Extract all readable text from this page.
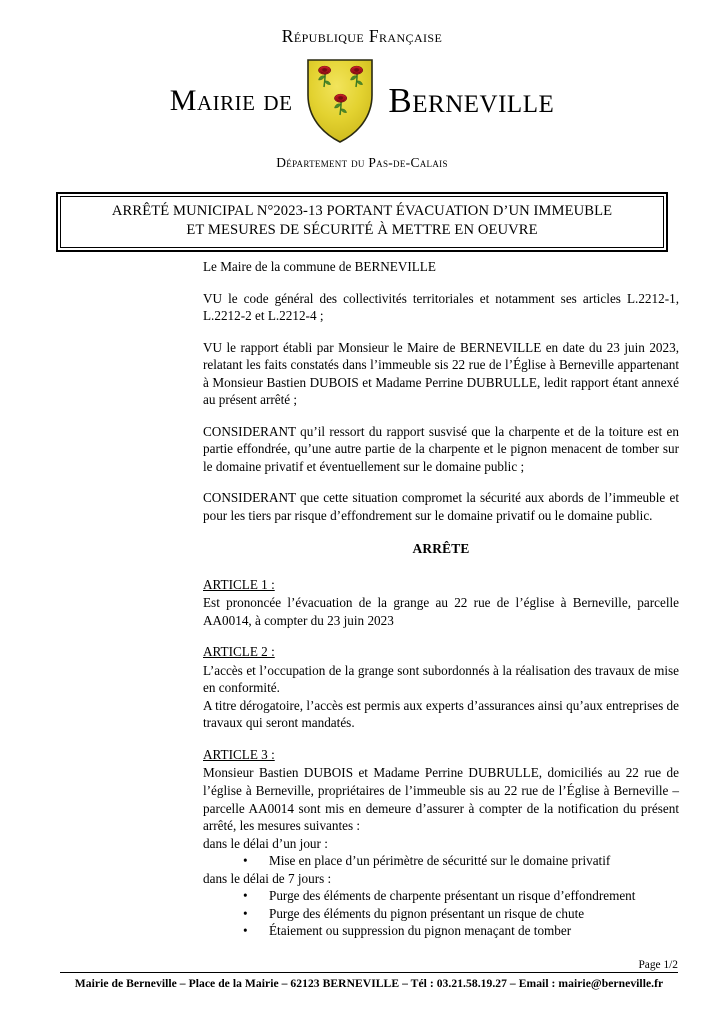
République Française
Mairie de	Berneville
Département du Pas-de-Calais
ARRÊTÉ MUNICIPAL N°2023-13 PORTANT ÉVACUATION D’UN IMMEUBLE
ET MESURES DE SÉCURITÉ À METTRE EN OEUVRE

Le Maire de la commune de BERNEVILLE

VU le code général des collectivités territoriales et notamment ses articles L.2212-1, L.2212-2 et L.2212-4 ;

VU le rapport établi par Monsieur le Maire de BERNEVILLE en date du 23 juin 2023, relatant les faits constatés dans l’immeuble sis 22 rue de l’Église à Berneville appartenant à Monsieur Bastien DUBOIS et Madame Perrine DUBRULLE, ledit rapport étant annexé au présent arrêté ;

CONSIDERANT qu’il ressort du rapport susvisé que la charpente et de la toiture est en partie effondrée, qu’une autre partie de la charpente et le pignon menacent de tomber sur le domaine privatif et éventuellement sur le domaine public ;

CONSIDERANT que cette situation compromet la sécurité aux abords de l’immeuble et pour les tiers par risque d’effondrement sur le domaine privatif ou le domaine public.

ARRÊTE
ARTICLE 1 :

Est prononcée l’évacuation de la grange au 22 rue de l’église à Berneville, parcelle AA0014, à compter du 23 juin 2023

ARTICLE 2 :

L’accès et l’occupation de la grange sont subordonnés à la réalisation des travaux de mise en conformité.

A titre dérogatoire, l’accès est permis aux experts d’assurances ainsi qu’aux entreprises de travaux qui seront mandatés.

ARTICLE 3 :

Monsieur Bastien DUBOIS et Madame Perrine DUBRULLE, domiciliés au 22 rue de l’église à Berneville, propriétaires de l’immeuble sis au 22 rue de l’Église à Berneville – parcelle AA0014 sont mis en demeure d’assurer à compter de la notification du présent arrêté, les mesures suivantes :

dans le délai d’un jour :
• Mise en place d’un périmètre de sécuritté sur le domaine privatif
dans le délai de 7 jours :
• Purge des éléments de charpente présentant un risque d’effondrement
• Purge des éléments du pignon présentant un risque de chute
• Étaiement ou suppression du pignon menaçant de tomber
Page 1/2
Mairie de Berneville – Place de la Mairie – 62123 BERNEVILLE – Tél : 03.21.58.19.27 – Email : mairie@berneville.fr
